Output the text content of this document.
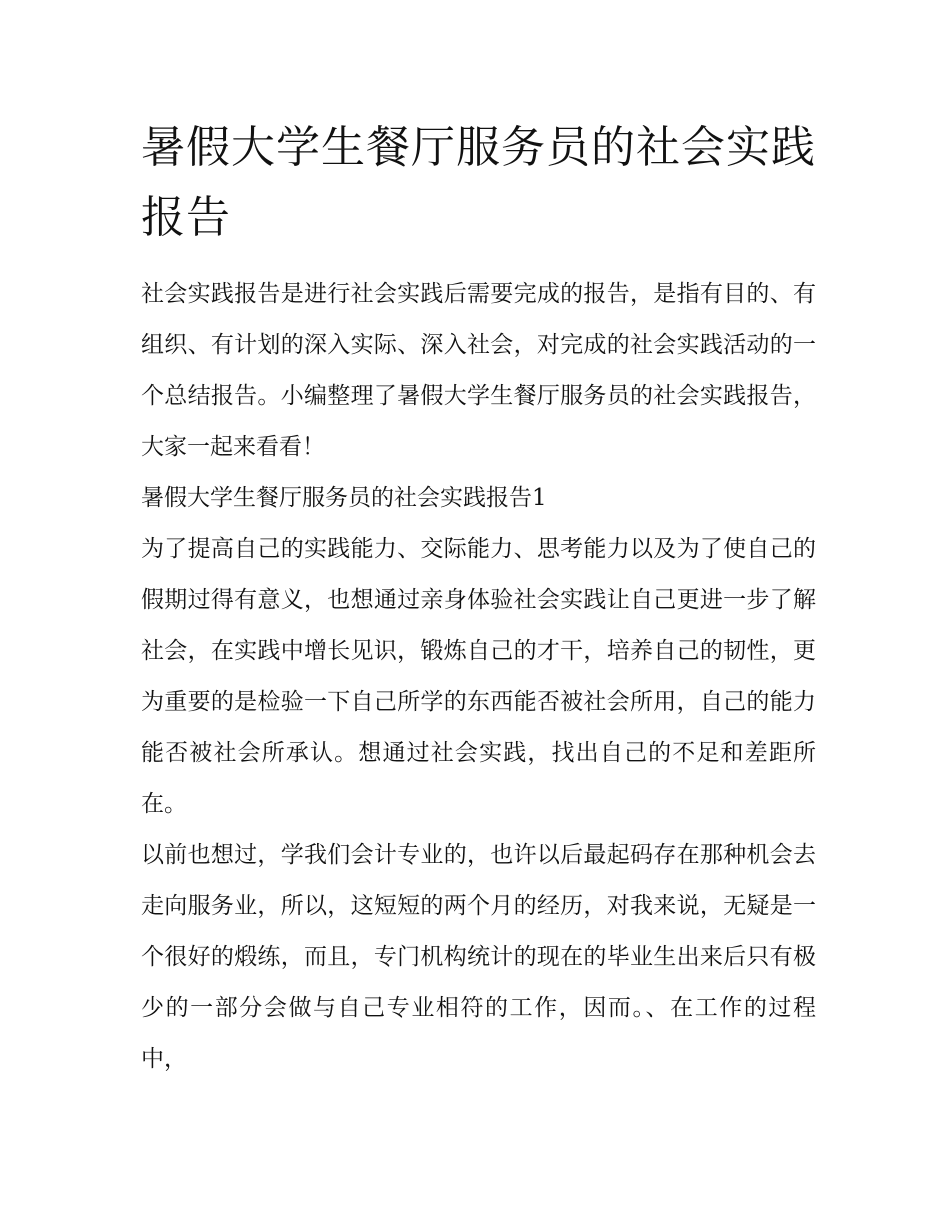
暑假大学生餐厅服务员的社会实践报告

社会实践报告是进行社会实践后需要完成的报告，是指有目的、有组织、有计划的深入实际、深入社会，对完成的社会实践活动的一个总结报告。小编整理了暑假大学生餐厅服务员的社会实践报告，大家一起来看看！

暑假大学生餐厅服务员的社会实践报告1

为了提高自己的实践能力、交际能力、思考能力以及为了使自己的假期过得有意义，也想通过亲身体验社会实践让自己更进一步了解社会，在实践中增长见识，锻炼自己的才干，培养自己的韧性，更为重要的是检验一下自己所学的东西能否被社会所用，自己的能力能否被社会所承认。想通过社会实践，找出自己的不足和差距所在。

以前也想过，学我们会计专业的，也许以后最起码存在那种机会去走向服务业，所以，这短短的两个月的经历，对我来说，无疑是一个很好的煅练，而且，专门机构统计的现在的毕业生出来后只有极少的一部分会做与自己专业相符的工作，因而。、在工作的过程中，
